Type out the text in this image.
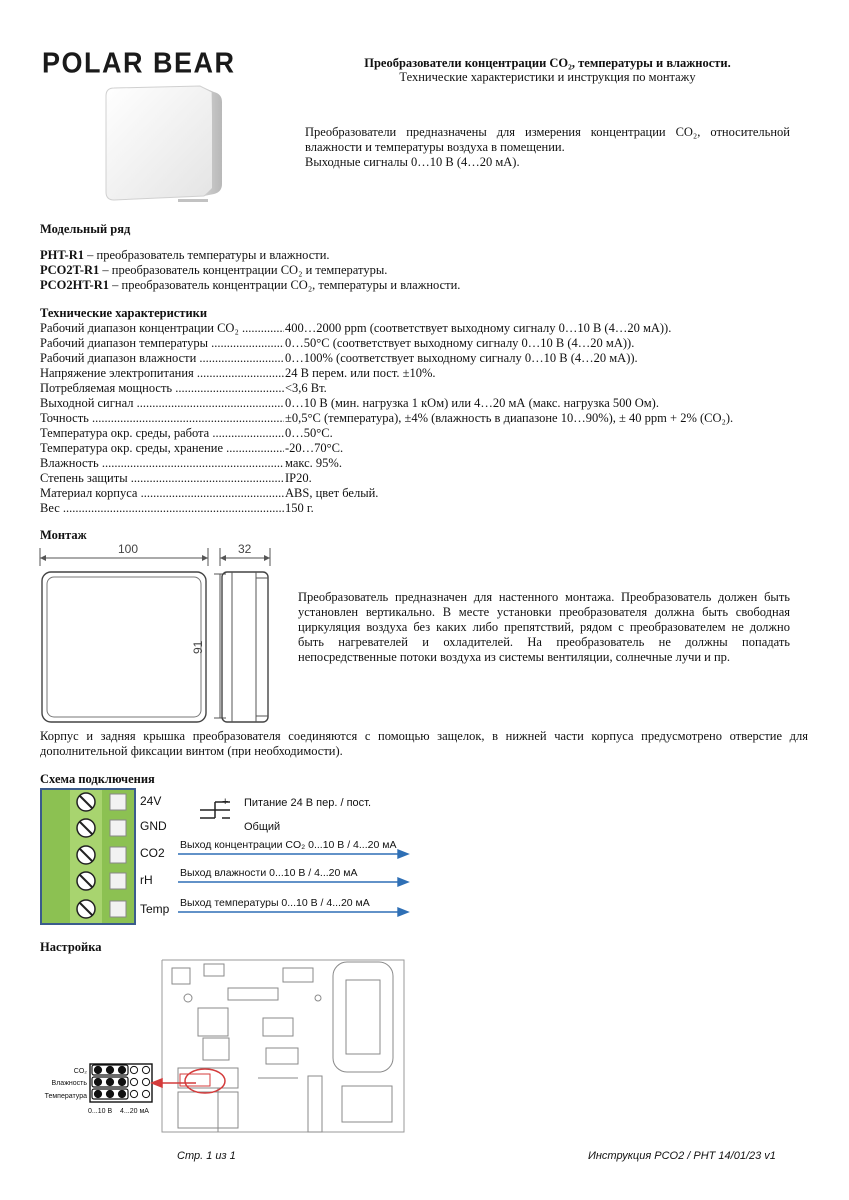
POLAR BEAR	Преобразователи концентрации CO₂, температуры и влажности.
Технические характеристики и инструкция по монтажу

Преобразователи предназначены для измерения концентрации CO₂, относительной влажности и температуры воздуха в помещении.

Выходные сигналы 0…10 В (4…20 мА).

Модельный ряд
PHT-R1 – преобразователь температуры и влажности.
PCO2T-R1 – преобразователь концентрации CO₂ и температуры.
PCO2HT-R1 – преобразователь концентрации CO₂, температуры и влажности.
Технические характеристики
Рабочий диапазон концентрации CO₂ .....	400…2000 ppm (соответствует выходному сигналу 0…10 В (4…20 мА)).
Рабочий диапазон температуры .....	0…50°C (соответствует выходному сигналу 0…10 В (4…20 мА)).
Рабочий диапазон влажности .....	0…100% (соответствует выходному сигналу 0…10 В (4…20 мА)).
Напряжение электропитания .....	24 В перем. или пост. ±10%.
Потребляемая мощность .....	<3,6 Вт.
Выходной сигнал .....	0…10 В (мин. нагрузка 1 кОм) или 4…20 мА (макс. нагрузка 500 Ом).
Точность .....	±0,5°C (температура), ±4% (влажность в диапазоне 10…90%), ± 40 ppm + 2% (CO₂).
Температура окр. среды, работа .....	0…50°C.
Температура окр. среды, хранение .....	-20…70°C.
Влажность .....	макс. 95%.
Степень защиты .....	IP20.
Материал корпуса .....	ABS, цвет белый.
Вес .....	150 г.
Монтаж
100	32
91
Преобразователь предназначен для настенного монтажа. Преобразователь должен быть установлен вертикально. В месте установки преобразователя должна быть свободная циркуляция воздуха без каких либо препятствий, рядом с преобразователем не должно быть нагревателей и охладителей. На преобразователь не должны попадать непосредственные потоки воздуха из системы вентиляции, солнечные лучи и пр.
Корпус и задняя крышка преобразователя соединяются с помощью защелок, в нижней части корпуса предусмотрено отверстие для дополнительной фиксации винтом (при необходимости).
Схема подключения
+ Питание 24 В пер. / пост.
Общий
24V
GND
CO2
rH
Temp
Выход концентрации CO₂ 0...10 В / 4...20 мА
Выход влажности 0...10 В / 4...20 мА
Выход температуры 0...10 В / 4...20 мА
Настройка
CO₂
Влажность
Температура
0...10 В 4...20 мА
Стр. 1 из 1	Инструкция PCO2 / PHT 14/01/23 v1
